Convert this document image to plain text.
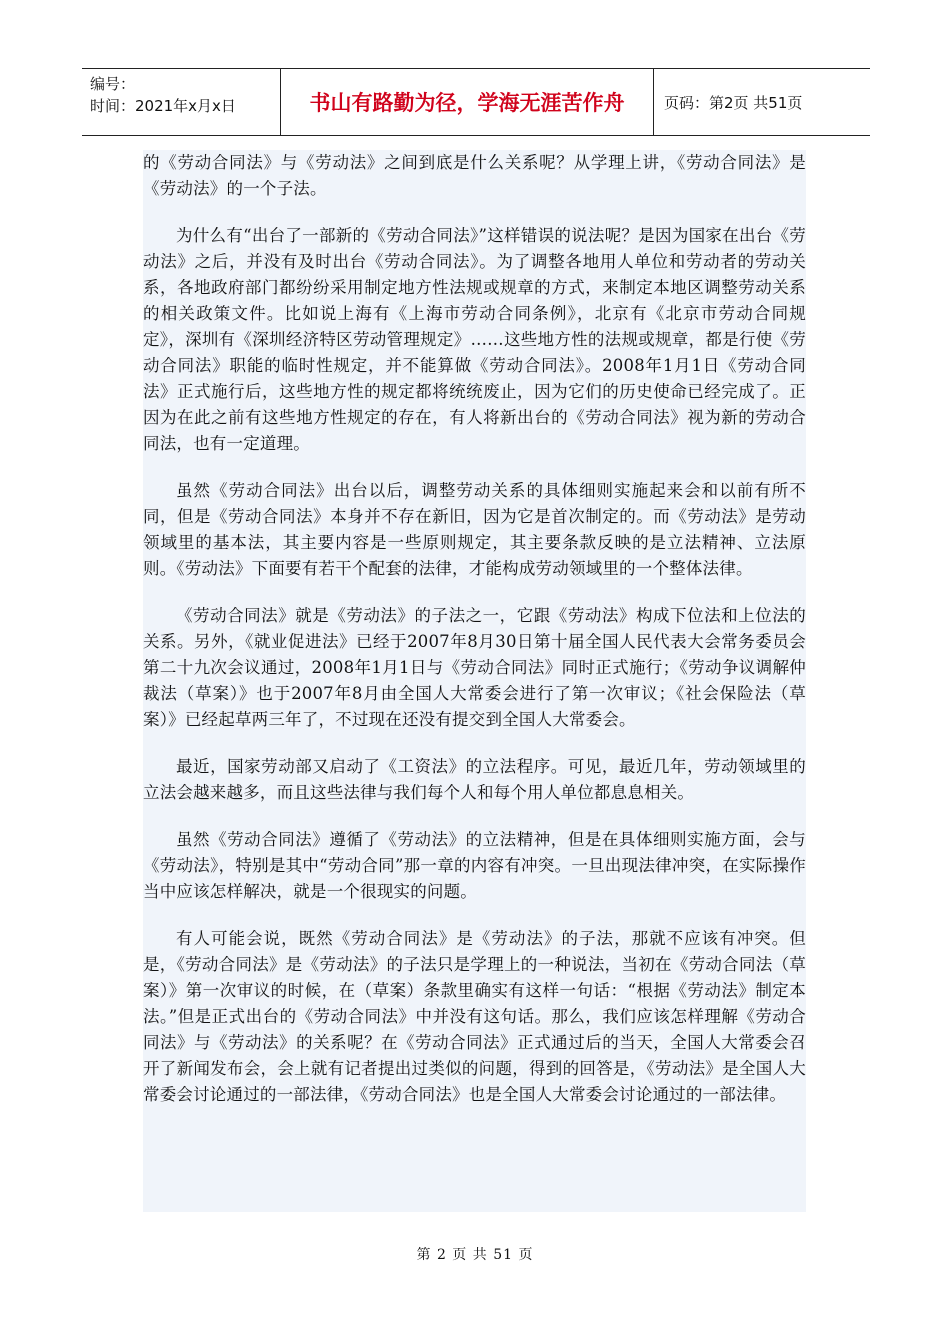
编号：
时间：2021年x月x日	书山有路勤为径，学海无涯苦作舟	页码：第2页 共51页

的《劳动合同法》与《劳动法》之间到底是什么关系呢？从学理上讲，《劳动合同法》是《劳动法》的一个子法。

为什么有“出台了一部新的《劳动合同法》”这样错误的说法呢？是因为国家在出台《劳动法》之后，并没有及时出台《劳动合同法》。为了调整各地用人单位和劳动者的劳动关系，各地政府部门都纷纷采用制定地方性法规或规章的方式，来制定本地区调整劳动关系的相关政策文件。比如说上海有《上海市劳动合同条例》，北京有《北京市劳动合同规定》，深圳有《深圳经济特区劳动管理规定》……这些地方性的法规或规章，都是行使《劳动合同法》职能的临时性规定，并不能算做《劳动合同法》。2008年1月1日《劳动合同法》正式施行后，这些地方性的规定都将统统废止，因为它们的历史使命已经完成了。正因为在此之前有这些地方性规定的存在，有人将新出台的《劳动合同法》视为新的劳动合同法，也有一定道理。

虽然《劳动合同法》出台以后，调整劳动关系的具体细则实施起来会和以前有所不同，但是《劳动合同法》本身并不存在新旧，因为它是首次制定的。而《劳动法》是劳动领域里的基本法，其主要内容是一些原则规定，其主要条款反映的是立法精神、立法原则。《劳动法》下面要有若干个配套的法律，才能构成劳动领域里的一个整体法律。

《劳动合同法》就是《劳动法》的子法之一，它跟《劳动法》构成下位法和上位法的关系。另外，《就业促进法》已经于2007年8月30日第十届全国人民代表大会常务委员会第二十九次会议通过，2008年1月1日与《劳动合同法》同时正式施行；《劳动争议调解仲裁法（草案）》也于2007年8月由全国人大常委会进行了第一次审议；《社会保险法（草案）》已经起草两三年了，不过现在还没有提交到全国人大常委会。

最近，国家劳动部又启动了《工资法》的立法程序。可见，最近几年，劳动领域里的立法会越来越多，而且这些法律与我们每个人和每个用人单位都息息相关。

虽然《劳动合同法》遵循了《劳动法》的立法精神，但是在具体细则实施方面，会与《劳动法》，特别是其中“劳动合同”那一章的内容有冲突。一旦出现法律冲突，在实际操作当中应该怎样解决，就是一个很现实的问题。

有人可能会说，既然《劳动合同法》是《劳动法》的子法，那就不应该有冲突。但是，《劳动合同法》是《劳动法》的子法只是学理上的一种说法，当初在《劳动合同法（草案）》第一次审议的时候，在（草案）条款里确实有这样一句话：“根据《劳动法》制定本法。”但是正式出台的《劳动合同法》中并没有这句话。那么，我们应该怎样理解《劳动合同法》与《劳动法》的关系呢？在《劳动合同法》正式通过后的当天，全国人大常委会召开了新闻发布会，会上就有记者提出过类似的问题，得到的回答是，《劳动法》是全国人大常委会讨论通过的一部法律，《劳动合同法》也是全国人大常委会讨论通过的一部法律。

第 2 页 共 51 页
